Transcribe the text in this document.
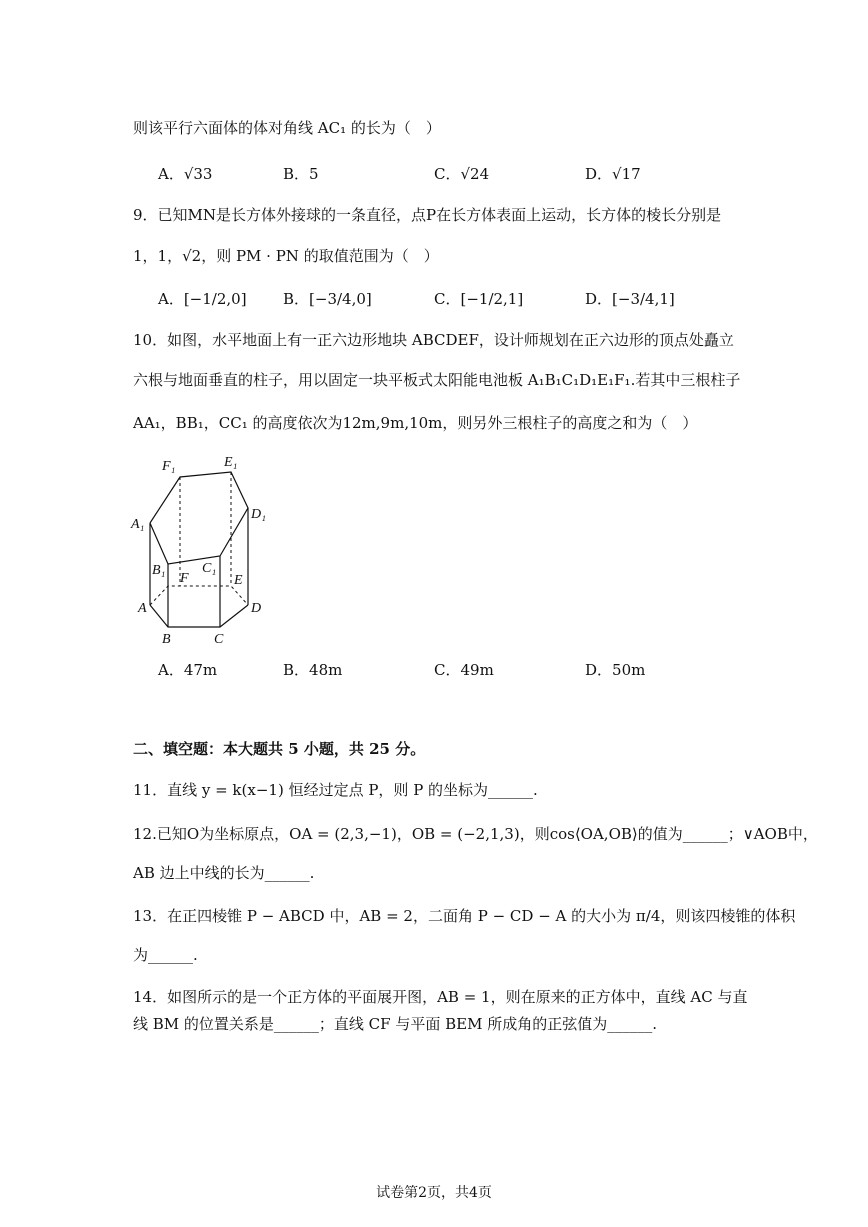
则该平行六面体的体对角线 AC₁ 的长为（　）
A．√33	B．5	C．√24	D．√17
9．已知MN是长方体外接球的一条直径，点P在长方体表面上运动，长方体的棱长分别是
1，1，√2，则 PM · PN 的取值范围为（　）
A．[−1/2,0] B．[−3/4,0]	C．[−1/2,1]	D．[−3/4,1]
10．如图，水平地面上有一正六边形地块 ABCDEF，设计师规划在正六边形的顶点处矗立
六根与地面垂直的柱子，用以固定一块平板式太阳能电池板 A₁B₁C₁D₁E₁F₁.若其中三根柱子
AA₁，BB₁，CC₁ 的高度依次为12m,9m,10m，则另外三根柱子的高度之和为（　）
F₁	E₁
A₁
D₁
B₁	C₁
F	E
A	D
B	C
A．47m	B．48m	C．49m	D．50m
二、填空题：本大题共 5 小题，共 25 分。
11．直线 y = k(x−1) 恒经过定点 P，则 P 的坐标为______.
12.已知O为坐标原点，OA = (2,3,−1)，OB = (−2,1,3)，则cos⟨OA,OB⟩的值为______；∨AOB中，
AB 边上中线的长为______.
13．在正四棱锥 P − ABCD 中，AB = 2，二面角 P − CD − A 的大小为 π/4，则该四棱锥的体积
为______.
14．如图所示的是一个正方体的平面展开图，AB = 1，则在原来的正方体中，直线 AC 与直
线 BM 的位置关系是______；直线 CF 与平面 BEM 所成角的正弦值为______.
试卷第2页，共4页
